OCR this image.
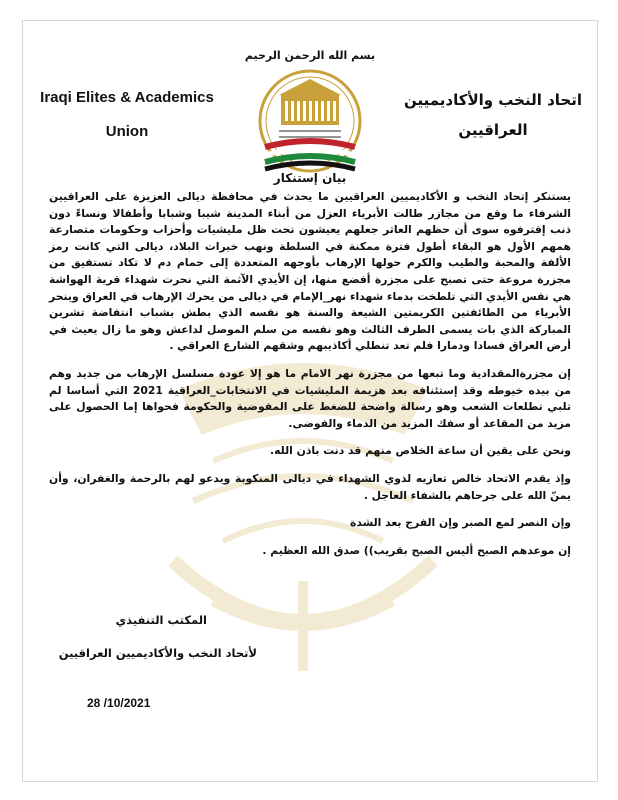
بسم الله الرحمن الرحيم
Iraqi Elites & Academics
Union
اتحاد النخب والأكاديميين
العراقيين
بيان إستنكار

يستنكر إتحاد النخب و الأكاديميين العراقيين ما يحدث في محافظة ديالى العزيزة على العراقيين الشرفاء ما وقع من مجازر طالت الأبرياء العزل من أبناء المدينة شيبا وشبابا وأطفالا ونساءً دون ذنب إقترفوه سوى أن حظهم العاثر جعلهم يعيشون تحت ظل مليشيات وأحزاب وحكومات متصارعة همهم الأول هو البقاء أطول فترة ممكنة في السلطة ونهب خيرات البلاد، ديالى التي كانت رمز الألفة والمحبة والطيب والكرم حولها الإرهاب بأوجهه المتعددة إلى حمام دم لا تكاد تستفيق من مجزرة مروعة حتى تصبح على مجزرة أفضع منها، إن الأيدي الآثمة التي نحرت شهداء قرية الهواشة هي نفس الأيدي التي تلطخت بدماء شهداء نهر_الإمام في ديالى من يحرك الإرهاب في العراق وينحر الأبرياء من الطائفتين الكريمتين الشيعة والسنة هو نفسه الذي بطش بشباب انتفاضة تشرين المباركة الذي بات يسمى الطرف الثالث وهو نفسه من سلم الموصل لداعش وهو ما زال يعيث في أرض العراق فسادا ودمارا فلم تعد تنطلي أكاذيبهم وشقهم الشارع العراقي .

إن مجزرةالمقدادية وما تبعها من مجزرة نهر الامام ما هو إلا عودة مسلسل الإرهاب من جديد وهم من بيده خيوطه وقد إستئنافه بعد هزيمة المليشيات في الانتخابات_العراقية 2021 التي أساسا لم تلبي تطلعات الشعب وهو رسالة واضحة للضغط على المفوضية والحكومة فحواها إما الحصول على مزيد من المقاعد أو سفك المزيد من الدماء والفوضى.

ونحن على يقين أن ساعة الخلاص منهم قد دنت باذن الله.

وإذ يقدم الاتحاد خالص تعازيه لذوي الشهداء في ديالى المنكوبة ويدعو لهم بالرحمة والغفران، وأن يمنّ الله على جرحاهم بالشفاء العاجل .

وإن النصر لمع الصبر وإن الفرج بعد الشدة

إن موعدهم الصبح أليس الصبح بقريب)) صدق الله العظيم .

المكتب التنفيذي
لأتحاد النخب والأكاديميين العراقيين
28 /10/2021
